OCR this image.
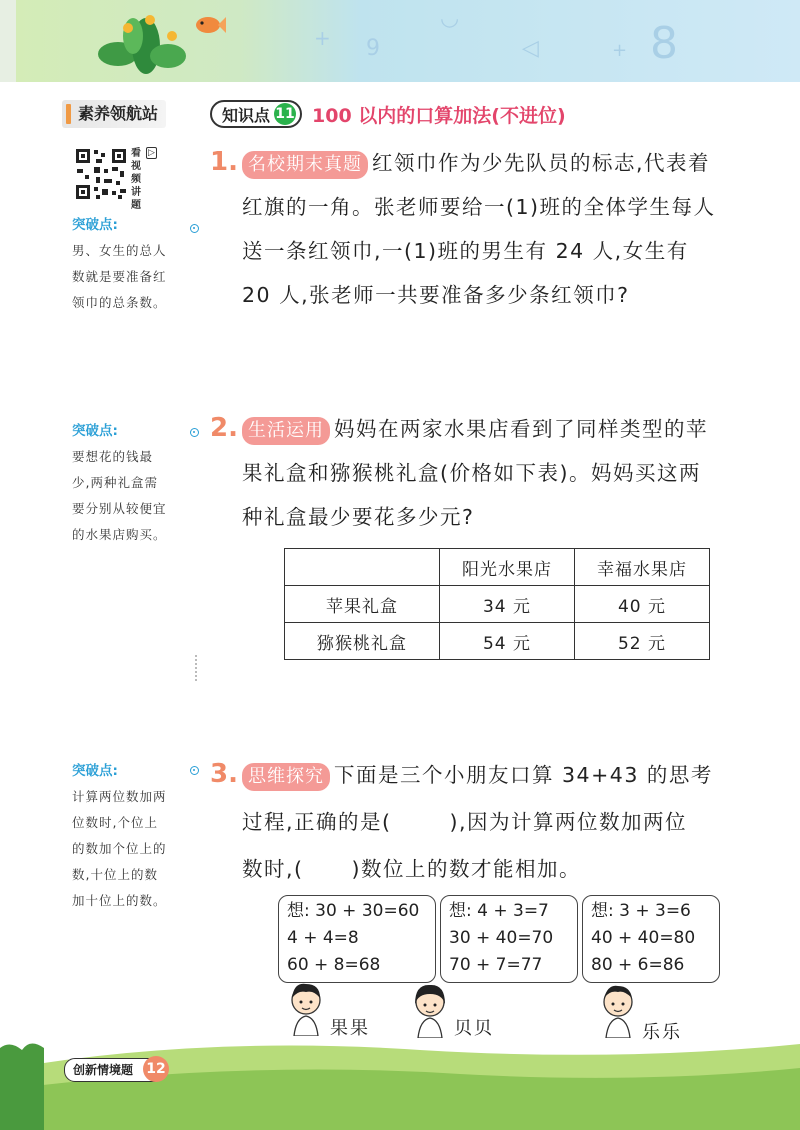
+ 9	◁	+ 8
◡
素养领航站	知识点 11 100 以内的口算加法(不进位)
看视频讲题
▷
突破点:
男、女生的总人
数就是要准备红
领巾的总条数。
1. 名校期末真题 红领巾作为少先队员的标志,代表着
红旗的一角。张老师要给一(1)班的全体学生每人
送一条红领巾,一(1)班的男生有 24 人,女生有
20 人,张老师一共要准备多少条红领巾?
突破点:
要想花的钱最
少,两种礼盒需
要分别从较便宜
的水果店购买。
2. 生活运用 妈妈在两家水果店看到了同样类型的苹
果礼盒和猕猴桃礼盒(价格如下表)。妈妈买这两
种礼盒最少要花多少元?
	阳光水果店	幸福水果店
苹果礼盒	34 元	40 元
猕猴桃礼盒	54 元	52 元
突破点:
计算两位数加两
位数时,个位上
的数加个位上的
数,十位上的数
加十位上的数。
3. 思维探究 下面是三个小朋友口算 34+43 的思考
过程,正确的是(	),因为计算两位数加两位
数时,( )数位上的数才能相加。
想: 30 + 30=60
4 + 4=8
60 + 8=68
想: 4 + 3=7
30 + 40=70
70 + 7=77
想: 3 + 3=6
40 + 40=80
80 + 6=86
果果	贝贝	乐乐
创新情境题 12
